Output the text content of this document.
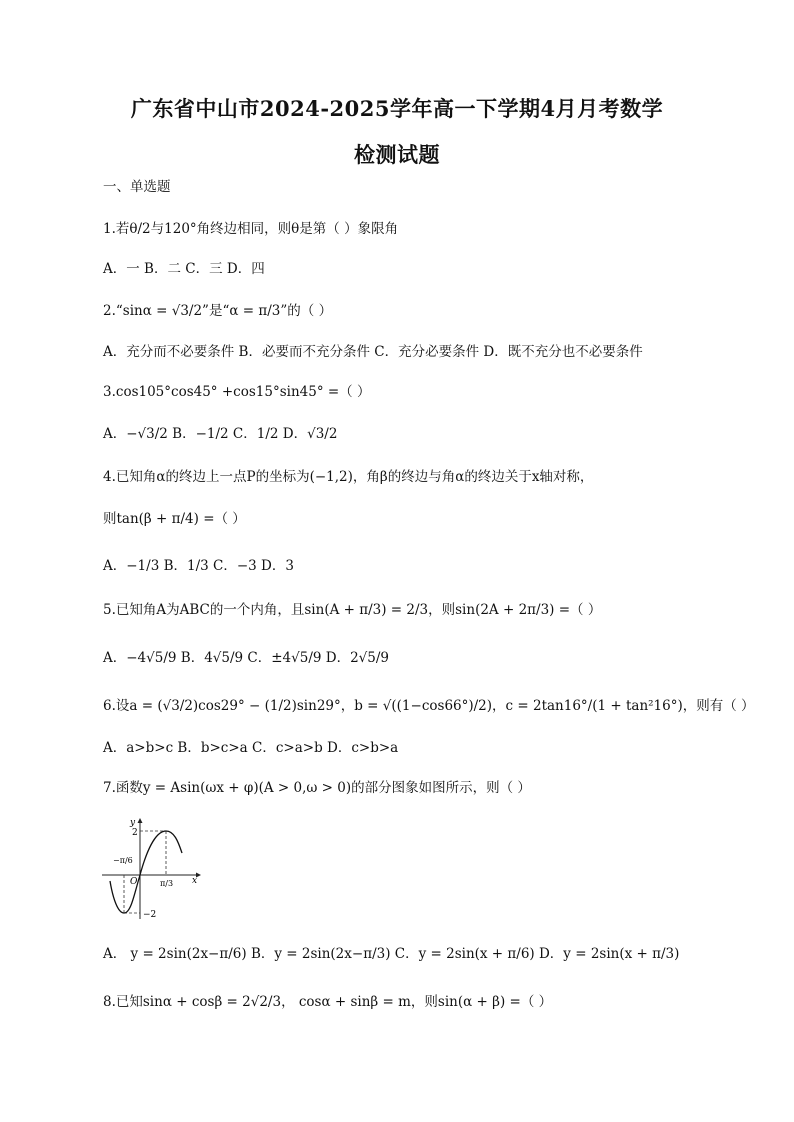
广东省中山市2024-2025学年高一下学期4月月考数学
检测试题
一、单选题
1.若θ/2与120°角终边相同，则θ是第（ ）象限角
A．一 B．二 C．三 D．四
2.“sinα = √3/2”是“α = π/3”的（ ）
A．充分而不必要条件 B．必要而不充分条件 C．充分必要条件 D．既不充分也不必要条件
3.cos105°cos45° +cos15°sin45° =（ ）
A．−√3/2 B．−1/2 C．1/2 D．√3/2
4.已知角α的终边上一点P的坐标为(−1,2)，角β的终边与角α的终边关于x轴对称，
则tan(β + π/4) =（ ）
A．−1/3 B．1/3 C．−3 D．3
5.已知角A为ABC的一个内角，且sin(A + π/3) = 2/3，则sin(2A + 2π/3) =（ ）
A．−4√5/9 B．4√5/9 C．±4√5/9 D．2√5/9
6.设a = (√3/2)cos29° − (1/2)sin29°，b = √((1−cos66°)/2)，c = 2tan16°/(1 + tan²16°)，则有（ ）
A．a>b>c B．b>c>a C．c>a>b D．c>b>a
7.函数y = Asin(ωx + φ)(A > 0,ω > 0)的部分图象如图所示，则（ ）
y
x
O
2
−2
−π/6
π/3
A． y = 2sin(2x−π/6) B．y = 2sin(2x−π/3) C．y = 2sin(x + π/6) D．y = 2sin(x + π/3)
8.已知sinα + cosβ = 2√2/3， cosα + sinβ = m，则sin(α + β) =（ ）
